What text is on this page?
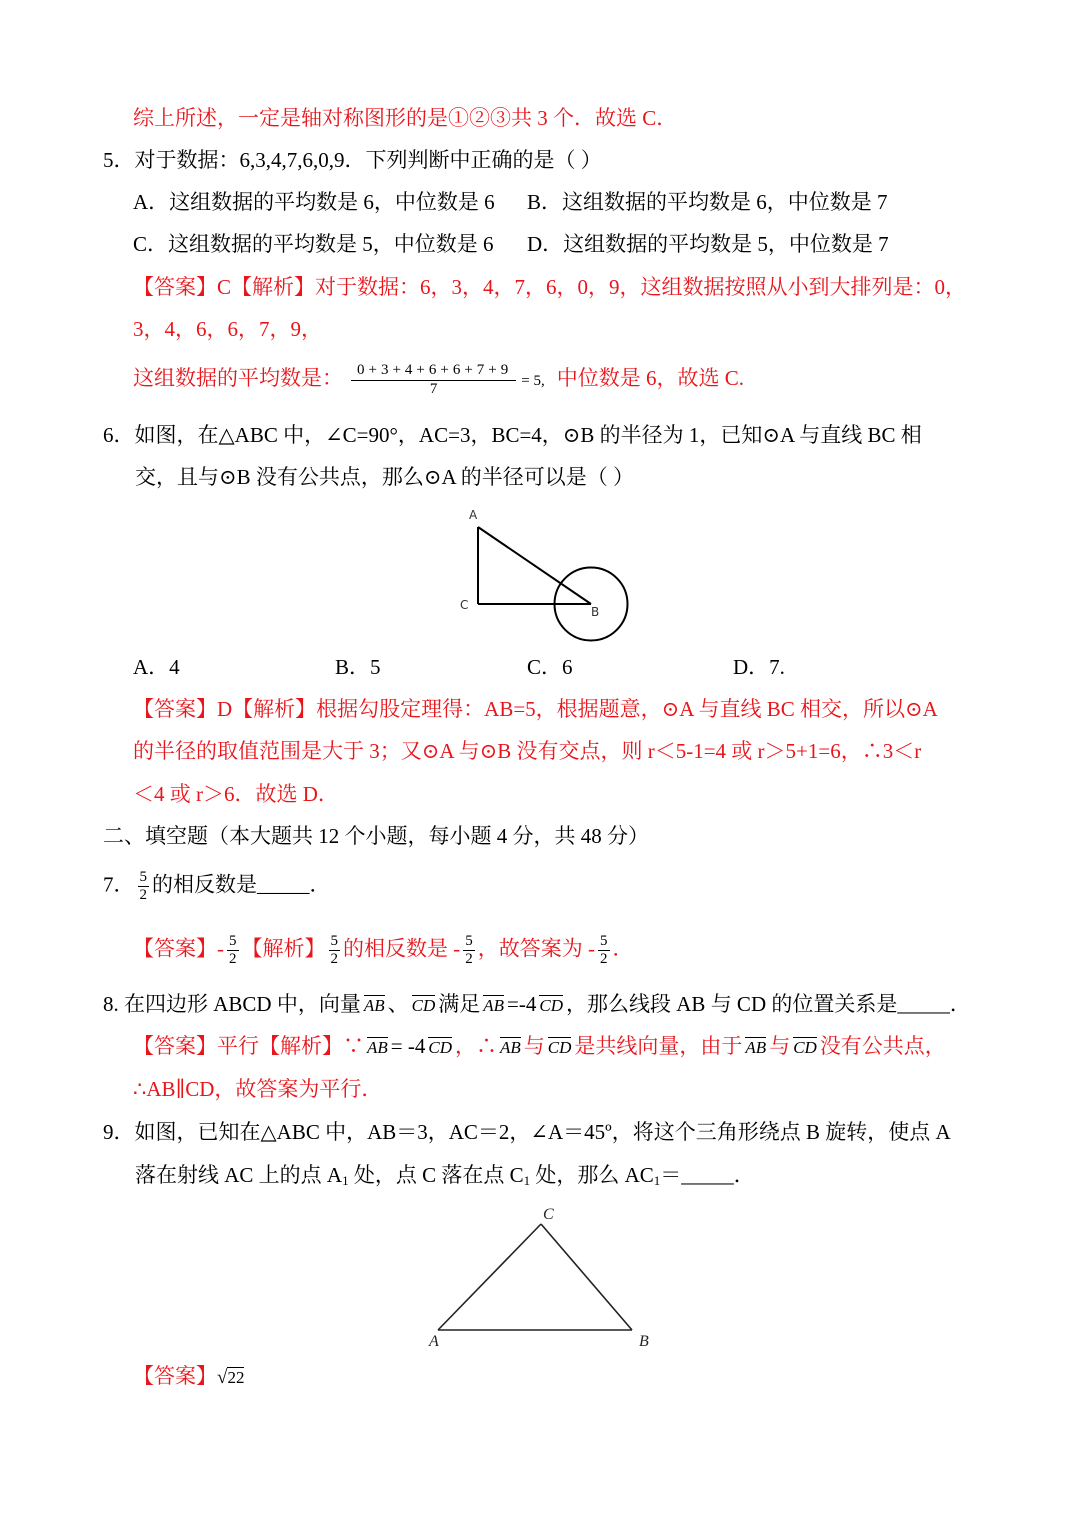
综上所述，一定是轴对称图形的是①②③共 3 个．故选 C．
5．对于数据：6,3,4,7,6,0,9．下列判断中正确的是（ ）
A．这组数据的平均数是 6，中位数是 6 B．这组数据的平均数是 6，中位数是 7
C．这组数据的平均数是 5，中位数是 6 D．这组数据的平均数是 5，中位数是 7
【答案】C【解析】对于数据：6，3，4，7，6，0，9，这组数据按照从小到大排列是：0，
3，4，6，6，7，9，
这组数据的平均数是： $\frac{0+3+4+6+6+7+9}{7} = 5$, 中位数是 6，故选 C.
6．如图，在△ABC 中，∠C=90°，AC=3，BC=4，⊙B 的半径为 1，已知⊙A 与直线 BC 相
交，且与⊙B 没有公共点，那么⊙A 的半径可以是（ ）
A
C	B
A．4	B．5	C．6	D．7.
【答案】D【解析】根据勾股定理得：AB=5，根据题意，⊙A 与直线 BC 相交，所以⊙A
的半径的取值范围是大于 3；又⊙A 与⊙B 没有交点，则 r＜5-1=4 或 r＞5+1=6，∴3＜r
＜4 或 r＞6．故选 D．
二、填空题（本大题共 12 个小题，每小题 4 分，共 48 分）
7． $\frac{5}{2}$ 的相反数是_____．
【答案】- $\frac{5}{2}$ 【解析】 $\frac{5}{2}$ 的相反数是 - $\frac{5}{2}$ ，故答案为 - $\frac{5}{2}$ ．
8. 在四边形 ABCD 中，向量 AB 、 CD 满足 AB =-4 CD ，那么线段 AB 与 CD 的位置关系是_____．
【答案】平行【解析】∵ AB = -4 CD ，∴ AB 与 CD 是共线向量，由于 AB 与 CD 没有公共点，
∴AB∥CD，故答案为平行．
9．如图，已知在△ABC 中，AB＝3，AC＝2，∠A＝45º，将这个三角形绕点 B 旋转，使点 A
落在射线 AC 上的点 $A_1$ 处，点 C 落在点 $C_1$ 处，那么 $AC_1=\_\_\_\_\_$．
C
A	B
【答案】√22
